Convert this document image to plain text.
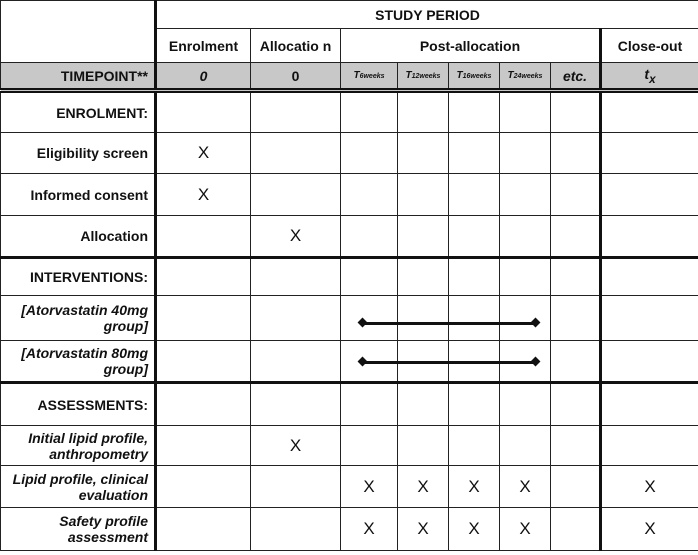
	STUDY PERIOD							
	Enrolment	Allocatio n	Post-allocation					Close-out
TIMEPOINT**	0	0	T6weeks	T12weeks	T16weeks	T24weeks	etc.	$t_x$
ENROLMENT:								
Eligibility screen	X							
Informed consent	X							
Allocation		X						
INTERVENTIONS:								
[Atorvastatin 40mg group]								
[Atorvastatin 80mg group]								
ASSESSMENTS:								
Initial lipid profile, anthropometry		X						
Lipid profile, clinical evaluation			X	X	X	X		X
Safety profile assessment			X	X	X	X		X
